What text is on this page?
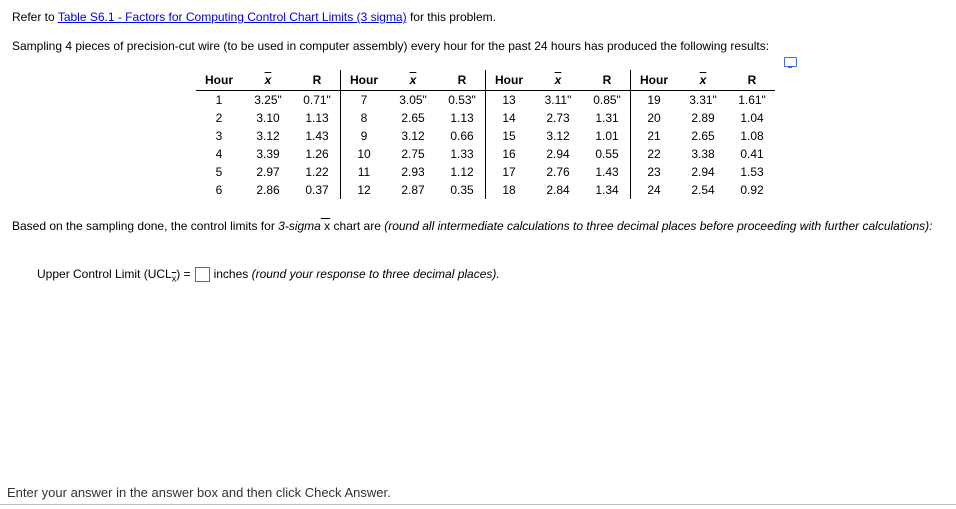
Refer to Table S6.1 - Factors for Computing Control Chart Limits (3 sigma) for this problem.
Sampling 4 pieces of precision-cut wire (to be used in computer assembly) every hour for the past 24 hours has produced the following results:
Hour	$\overline{x}$	R	Hour	$\overline{x}$	R	Hour	$\overline{x}$	R	Hour	$\overline{x}$	R
1	3.25"	0.71"	7	3.05"	0.53"	13	3.11"	0.85"	19	3.31"	1.61"
2	3.10	1.13	8	2.65	1.13	14	2.73	1.31	20	2.89	1.04
3	3.12	1.43	9	3.12	0.66	15	3.12	1.01	21	2.65	1.08
4	3.39	1.26	10	2.75	1.33	16	2.94	0.55	22	3.38	0.41
5	2.97	1.22	11	2.93	1.12	17	2.76	1.43	23	2.94	1.53
6	2.86	0.37	12	2.87	0.35	18	2.84	1.34	24	2.54	0.92
Based on the sampling done, the control limits for 3-sigma x chart are (round all intermediate calculations to three decimal places before proceeding with further calculations):
Upper Control Limit $(UCL_{\overline{x}})$ = inches (round your response to three decimal places).
Enter your answer in the answer box and then click Check Answer.
